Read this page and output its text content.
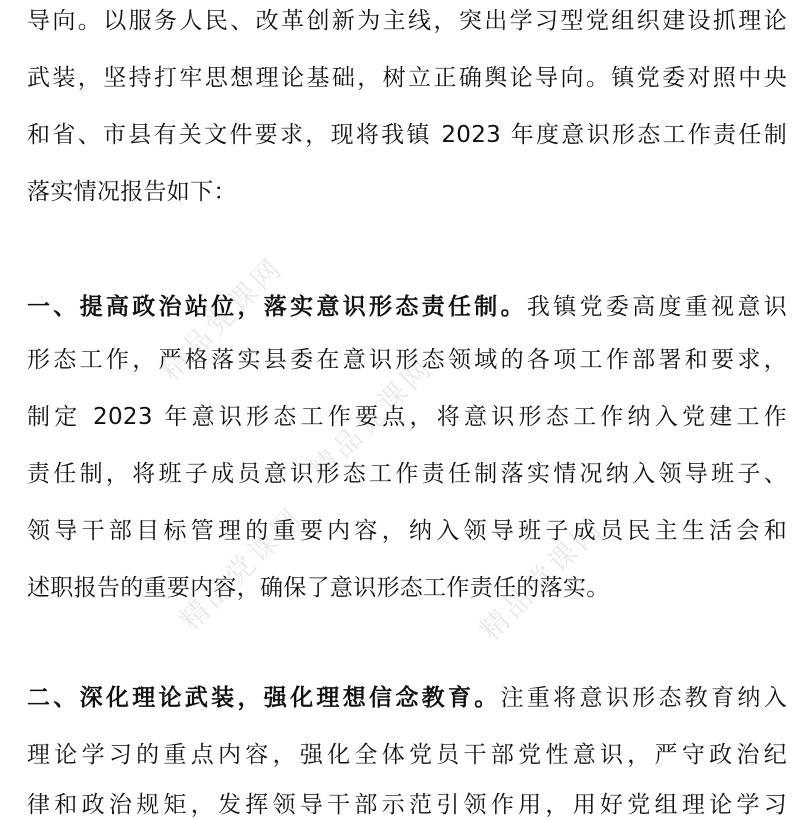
精品党课网
精品党课网
精品党课网	精品党课网
导向。以服务人民、改革创新为主线，突出学习型党组织建设抓理论
武装，坚持打牢思想理论基础，树立正确舆论导向。镇党委对照中央
和省、市县有关文件要求，现将我镇 2023 年度意识形态工作责任制
落实情况报告如下：
一、提高政治站位，落实意识形态责任制。我镇党委高度重视意识
形态工作，严格落实县委在意识形态领域的各项工作部署和要求，
制定 2023 年意识形态工作要点，将意识形态工作纳入党建工作
责任制，将班子成员意识形态工作责任制落实情况纳入领导班子、
领导干部目标管理的重要内容，纳入领导班子成员民主生活会和
述职报告的重要内容，确保了意识形态工作责任的落实。
二、深化理论武装，强化理想信念教育。注重将意识形态教育纳入
理论学习的重点内容，强化全体党员干部党性意识，严守政治纪
律和政治规矩，发挥领导干部示范引领作用，用好党组理论学习
